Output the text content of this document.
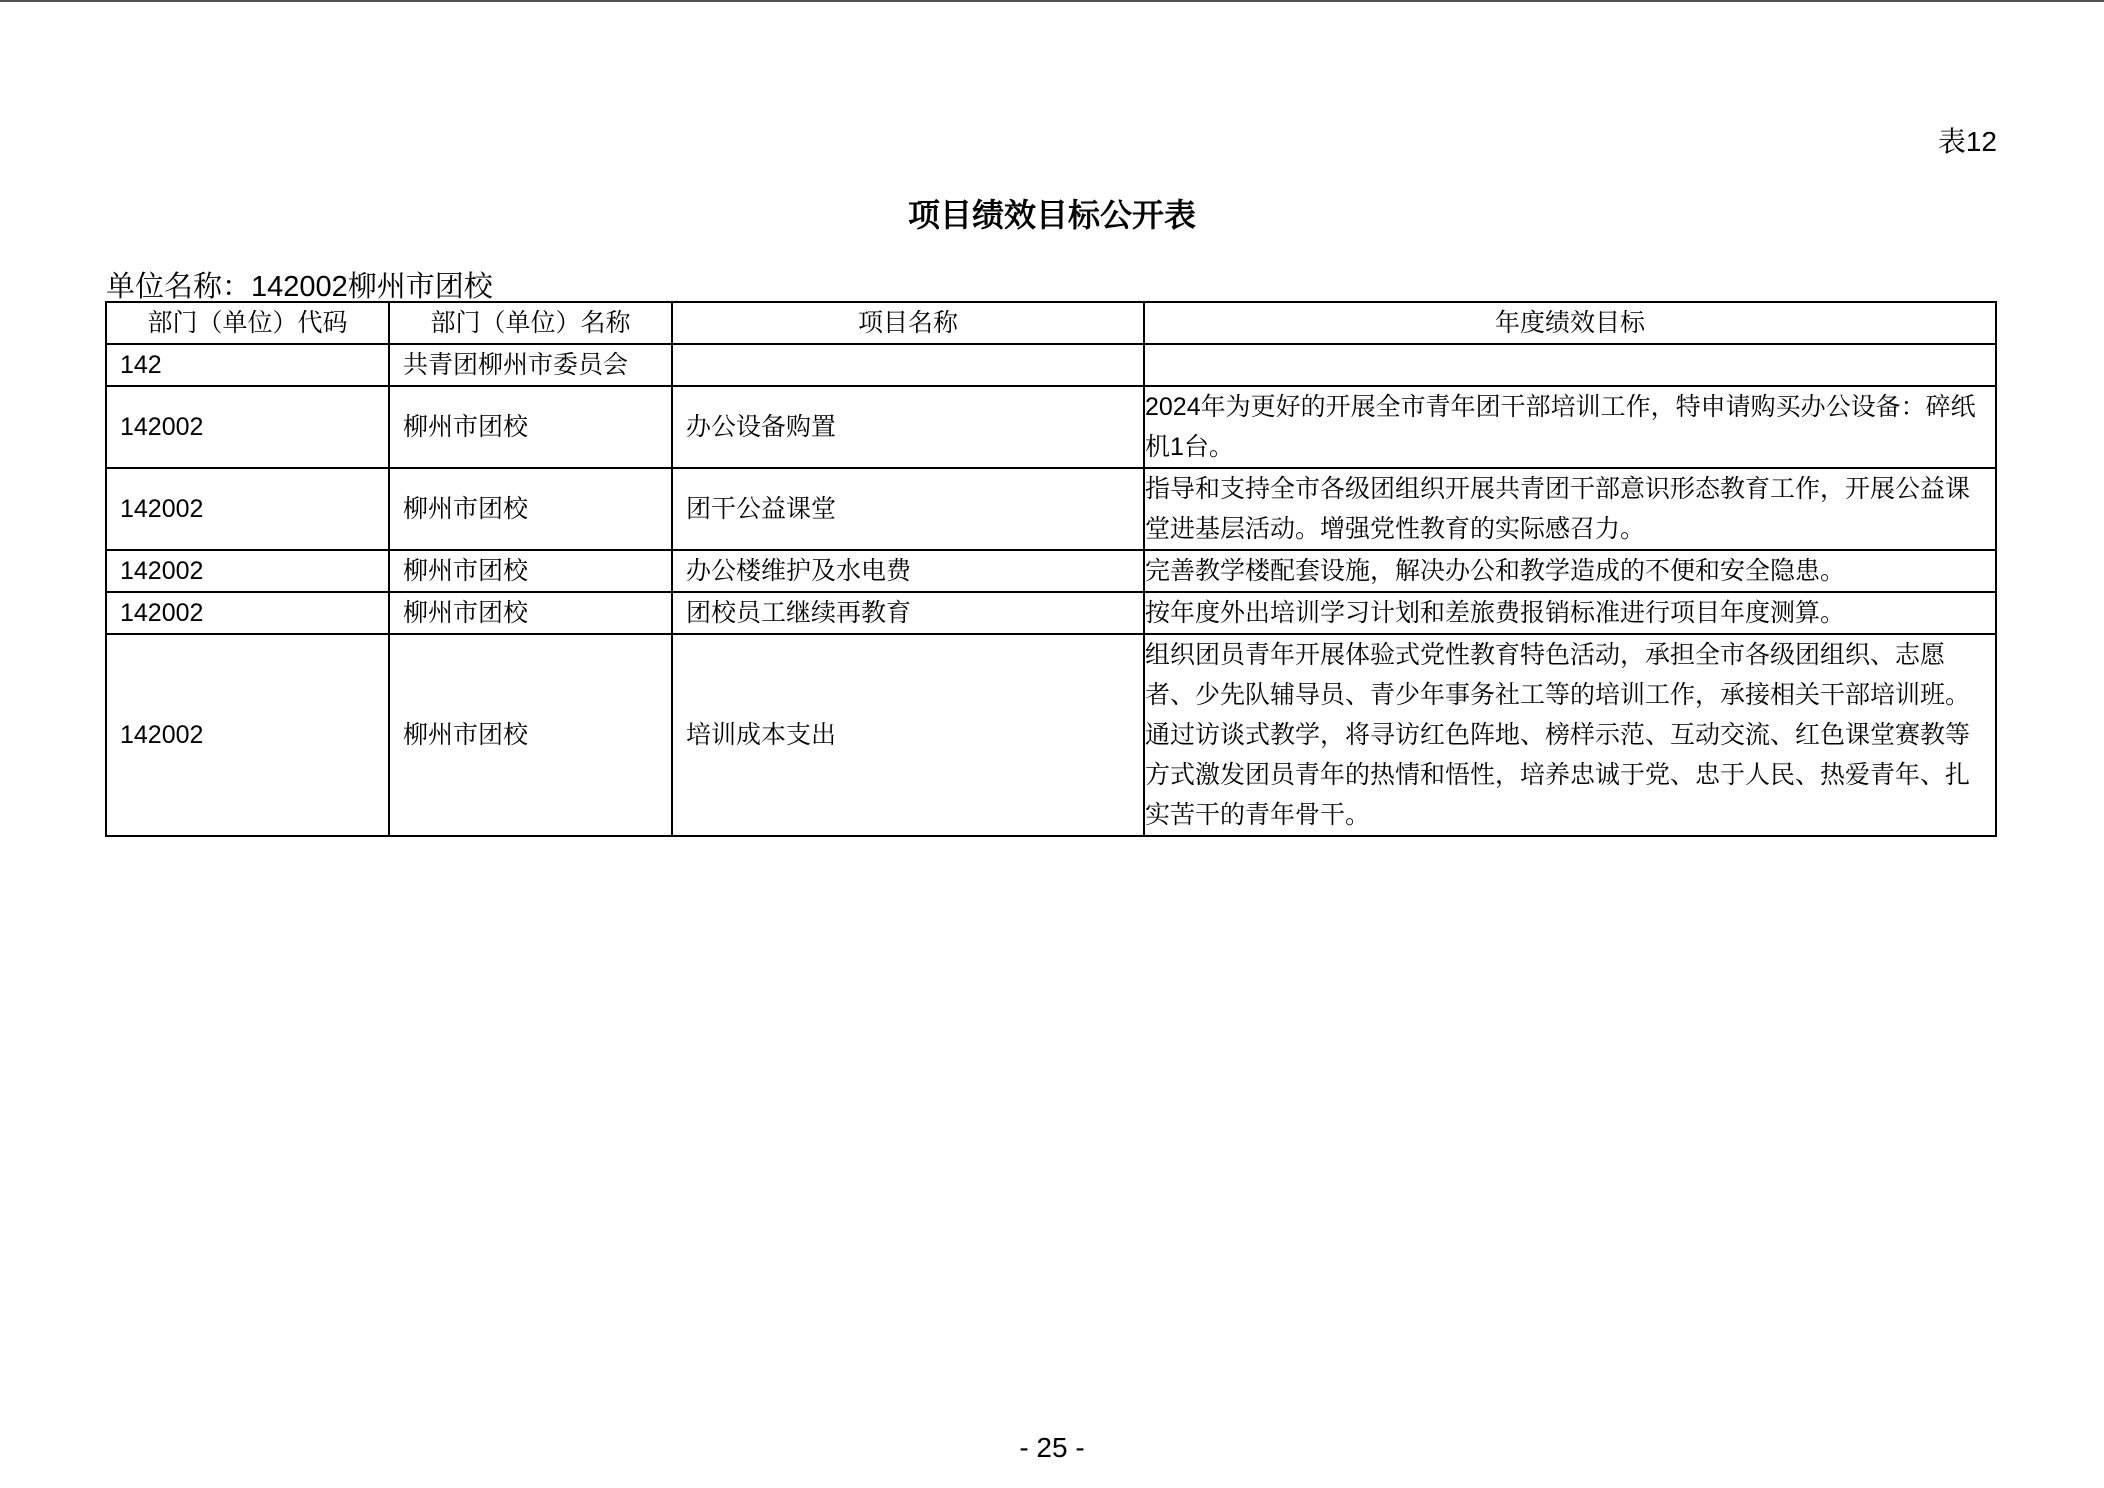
表12
项目绩效目标公开表
单位名称：142002柳州市团校
部门（单位）代码	部门（单位）名称	项目名称	年度绩效目标
142	共青团柳州市委员会		
142002	柳州市团校	办公设备购置	2024年为更好的开展全市青年团干部培训工作，特申请购买办公设备：碎纸机1台。
142002	柳州市团校	团干公益课堂	指导和支持全市各级团组织开展共青团干部意识形态教育工作，开展公益课堂进基层活动。增强党性教育的实际感召力。
142002	柳州市团校	办公楼维护及水电费	完善教学楼配套设施，解决办公和教学造成的不便和安全隐患。
142002	柳州市团校	团校员工继续再教育	按年度外出培训学习计划和差旅费报销标准进行项目年度测算。
142002	柳州市团校	培训成本支出	组织团员青年开展体验式党性教育特色活动，承担全市各级团组织、志愿者、少先队辅导员、青少年事务社工等的培训工作，承接相关干部培训班。通过访谈式教学，将寻访红色阵地、榜样示范、互动交流、红色课堂赛教等方式激发团员青年的热情和悟性，培养忠诚于党、忠于人民、热爱青年、扎实苦干的青年骨干。
- 25 -
